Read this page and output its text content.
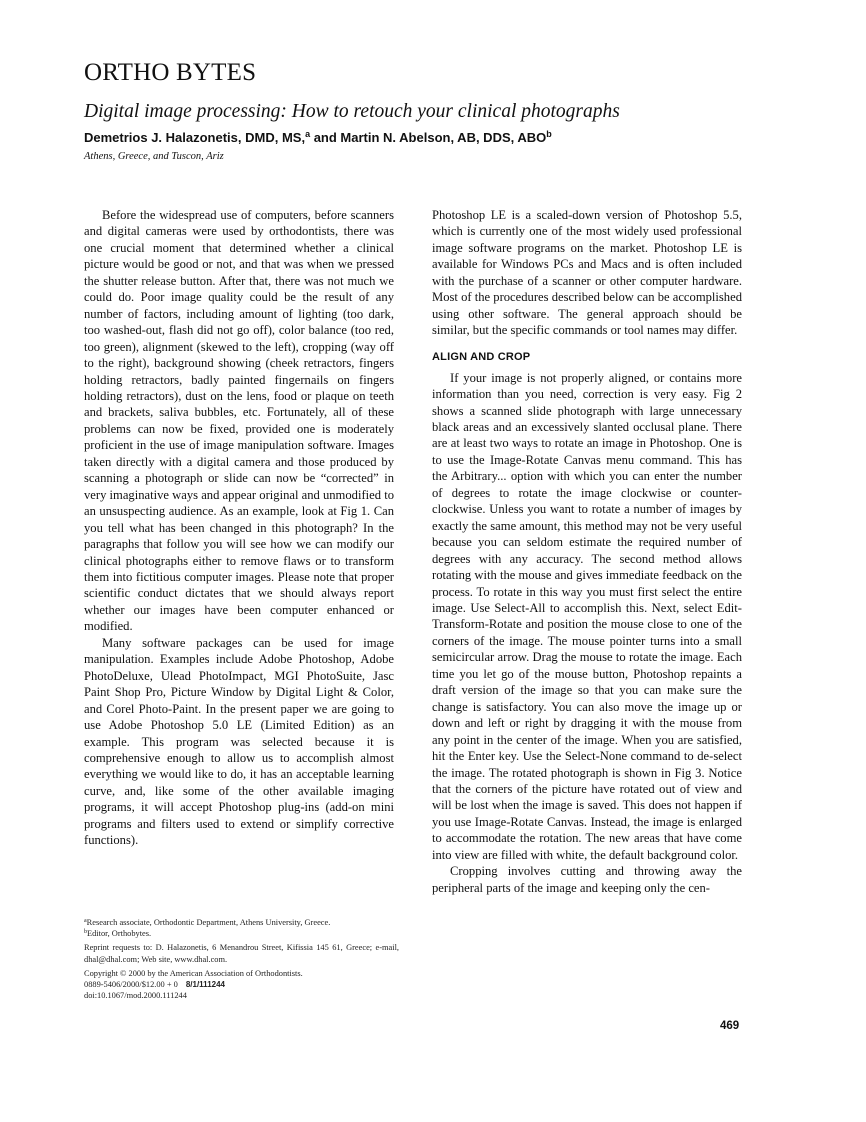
ORTHO BYTES
Digital image processing: How to retouch your clinical photographs
Demetrios J. Halazonetis, DMD, MS,$^a$ and Martin N. Abelson, AB, DDS, ABO$^b$
Athens, Greece, and Tuscon, Ariz

Before the widespread use of computers, before scanners and digital cameras were used by orthodontists, there was one crucial moment that determined whether a clinical picture would be good or not, and that was when we pressed the shutter release button. After that, there was not much we could do. Poor image quality could be the result of any number of factors, including amount of lighting (too dark, too washed-out, flash did not go off), color balance (too red, too green), alignment (skewed to the left), cropping (way off to the right), background showing (cheek retractors, fingers holding retractors, badly painted fingernails on fingers holding retractors), dust on the lens, food or plaque on teeth and brackets, saliva bubbles, etc. Fortunately, all of these problems can now be fixed, provided one is moderately proficient in the use of image manipulation software. Images taken directly with a digital camera and those produced by scanning a photograph or slide can now be “corrected” in very imaginative ways and appear original and unmodified to an unsuspecting audience. As an example, look at Fig 1. Can you tell what has been changed in this photograph? In the paragraphs that follow you will see how we can modify our clinical photographs either to remove flaws or to transform them into fictitious computer images. Please note that proper scientific conduct dictates that we should always report whether our images have been computer enhanced or modified.

Many software packages can be used for image manipulation. Examples include Adobe Photoshop, Adobe PhotoDeluxe, Ulead PhotoImpact, MGI PhotoSuite, Jasc Paint Shop Pro, Picture Window by Digital Light & Color, and Corel Photo-Paint. In the present paper we are going to use Adobe Photoshop 5.0 LE (Limited Edition) as an example. This program was selected because it is comprehensive enough to allow us to accomplish almost everything we would like to do, it has an acceptable learning curve, and, like some of the other available imaging programs, it will accept Photoshop plug-ins (add-on mini programs and filters used to extend or simplify corrective functions).

$^a$Research associate, Orthodontic Department, Athens University, Greece.

$^b$Editor, Orthobytes.

Reprint requests to: D. Halazonetis, 6 Menandrou Street, Kifissia 145 61, Greece; e-mail, dhal@dhal.com; Web site, www.dhal.com.

Copyright © 2000 by the American Association of Orthodontists.

0889-5406/2000/$12.00 + 0 8/1/111244

doi:10.1067/mod.2000.111244

Photoshop LE is a scaled-down version of Photoshop 5.5, which is currently one of the most widely used professional image software programs on the market. Photoshop LE is available for Windows PCs and Macs and is often included with the purchase of a scanner or other computer hardware. Most of the procedures described below can be accomplished using other software. The general approach should be similar, but the specific commands or tool names may differ.

ALIGN AND CROP

If your image is not properly aligned, or contains more information than you need, correction is very easy. Fig 2 shows a scanned slide photograph with large unnecessary black areas and an excessively slanted occlusal plane. There are at least two ways to rotate an image in Photoshop. One is to use the Image-Rotate Canvas menu command. This has the Arbitrary... option with which you can enter the number of degrees to rotate the image clockwise or counter-clockwise. Unless you want to rotate a number of images by exactly the same amount, this method may not be very useful because you can seldom estimate the required number of degrees with any accuracy. The second method allows rotating with the mouse and gives immediate feedback on the process. To rotate in this way you must first select the entire image. Use Select-All to accomplish this. Next, select Edit-Transform-Rotate and position the mouse close to one of the corners of the image. The mouse pointer turns into a small semicircular arrow. Drag the mouse to rotate the image. Each time you let go of the mouse button, Photoshop repaints a draft version of the image so that you can make sure the change is satisfactory. You can also move the image up or down and left or right by dragging it with the mouse from any point in the center of the image. When you are satisfied, hit the Enter key. Use the Select-None command to de-select the image. The rotated photograph is shown in Fig 3. Notice that the corners of the picture have rotated out of view and will be lost when the image is saved. This does not happen if you use Image-Rotate Canvas. Instead, the image is enlarged to accommodate the rotation. The new areas that have come into view are filled with white, the default background color.

Cropping involves cutting and throwing away the peripheral parts of the image and keeping only the cen-

469
